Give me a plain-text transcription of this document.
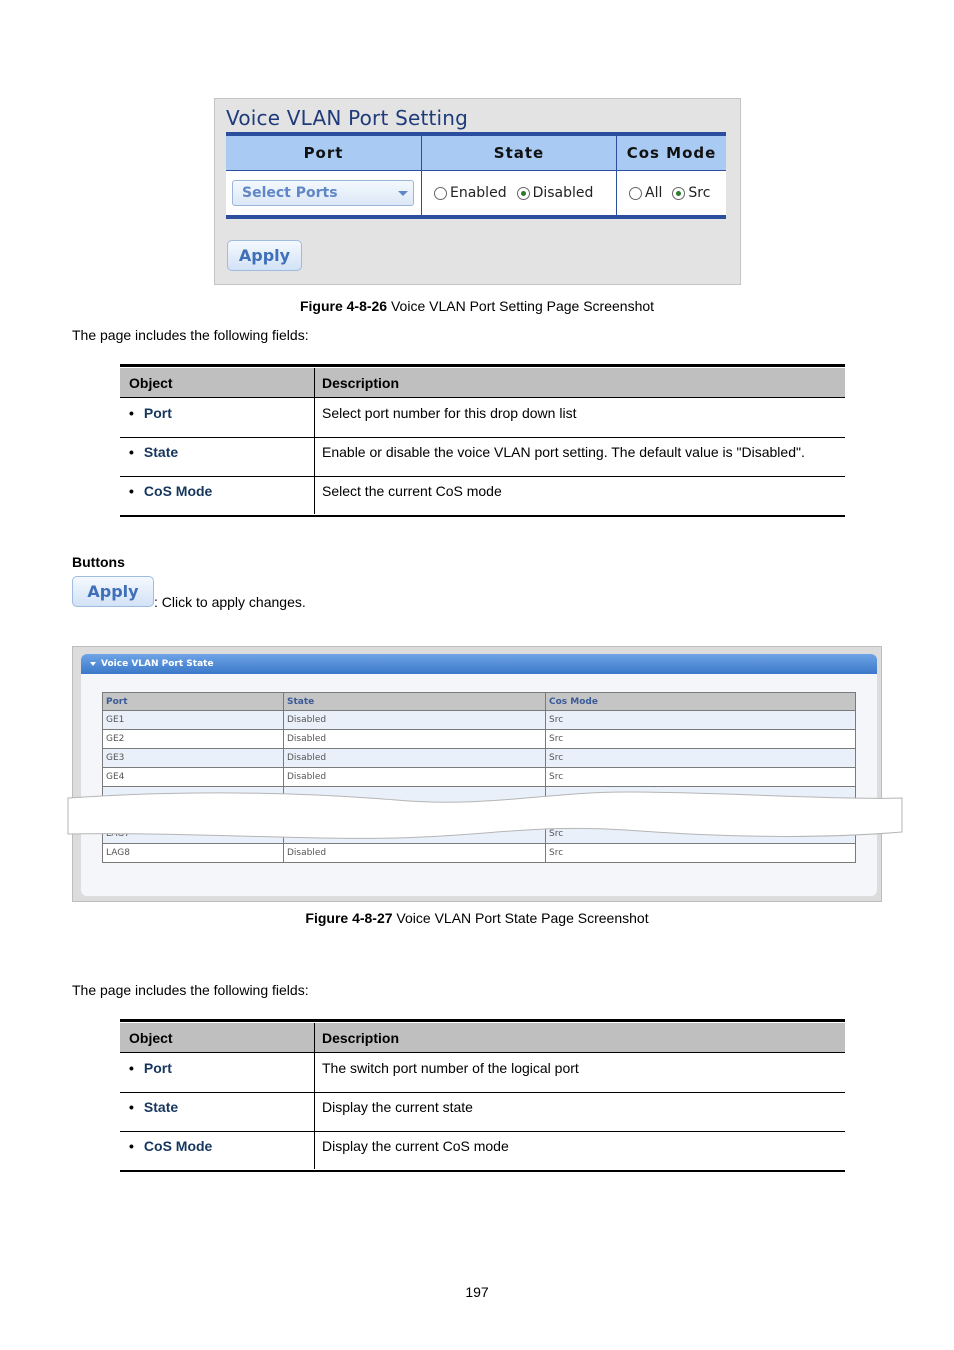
Voice VLAN Port Setting
Port	State	Cos Mode
Select Ports	Enabled Disabled	All Src
Apply
Figure 4-8-26 Voice VLAN Port Setting Page Screenshot
The page includes the following fields:
Object	Description
• Port	Select port number for this drop down list
• State	Enable or disable the voice VLAN port setting. The default value is "Disabled".
• CoS Mode	Select the current CoS mode
Buttons
Apply
: Click to apply changes.
Voice VLAN Port State
Port	State	Cos Mode
GE1	Disabled	Src
GE2	Disabled	Src
GE3	Disabled	Src
GE4	Disabled	Src
Src
LAG8	Disabled	Src
Figure 4-8-27 Voice VLAN Port State Page Screenshot
The page includes the following fields:
Object	Description
• Port	The switch port number of the logical port
• State	Display the current state
• CoS Mode	Display the current CoS mode
197
